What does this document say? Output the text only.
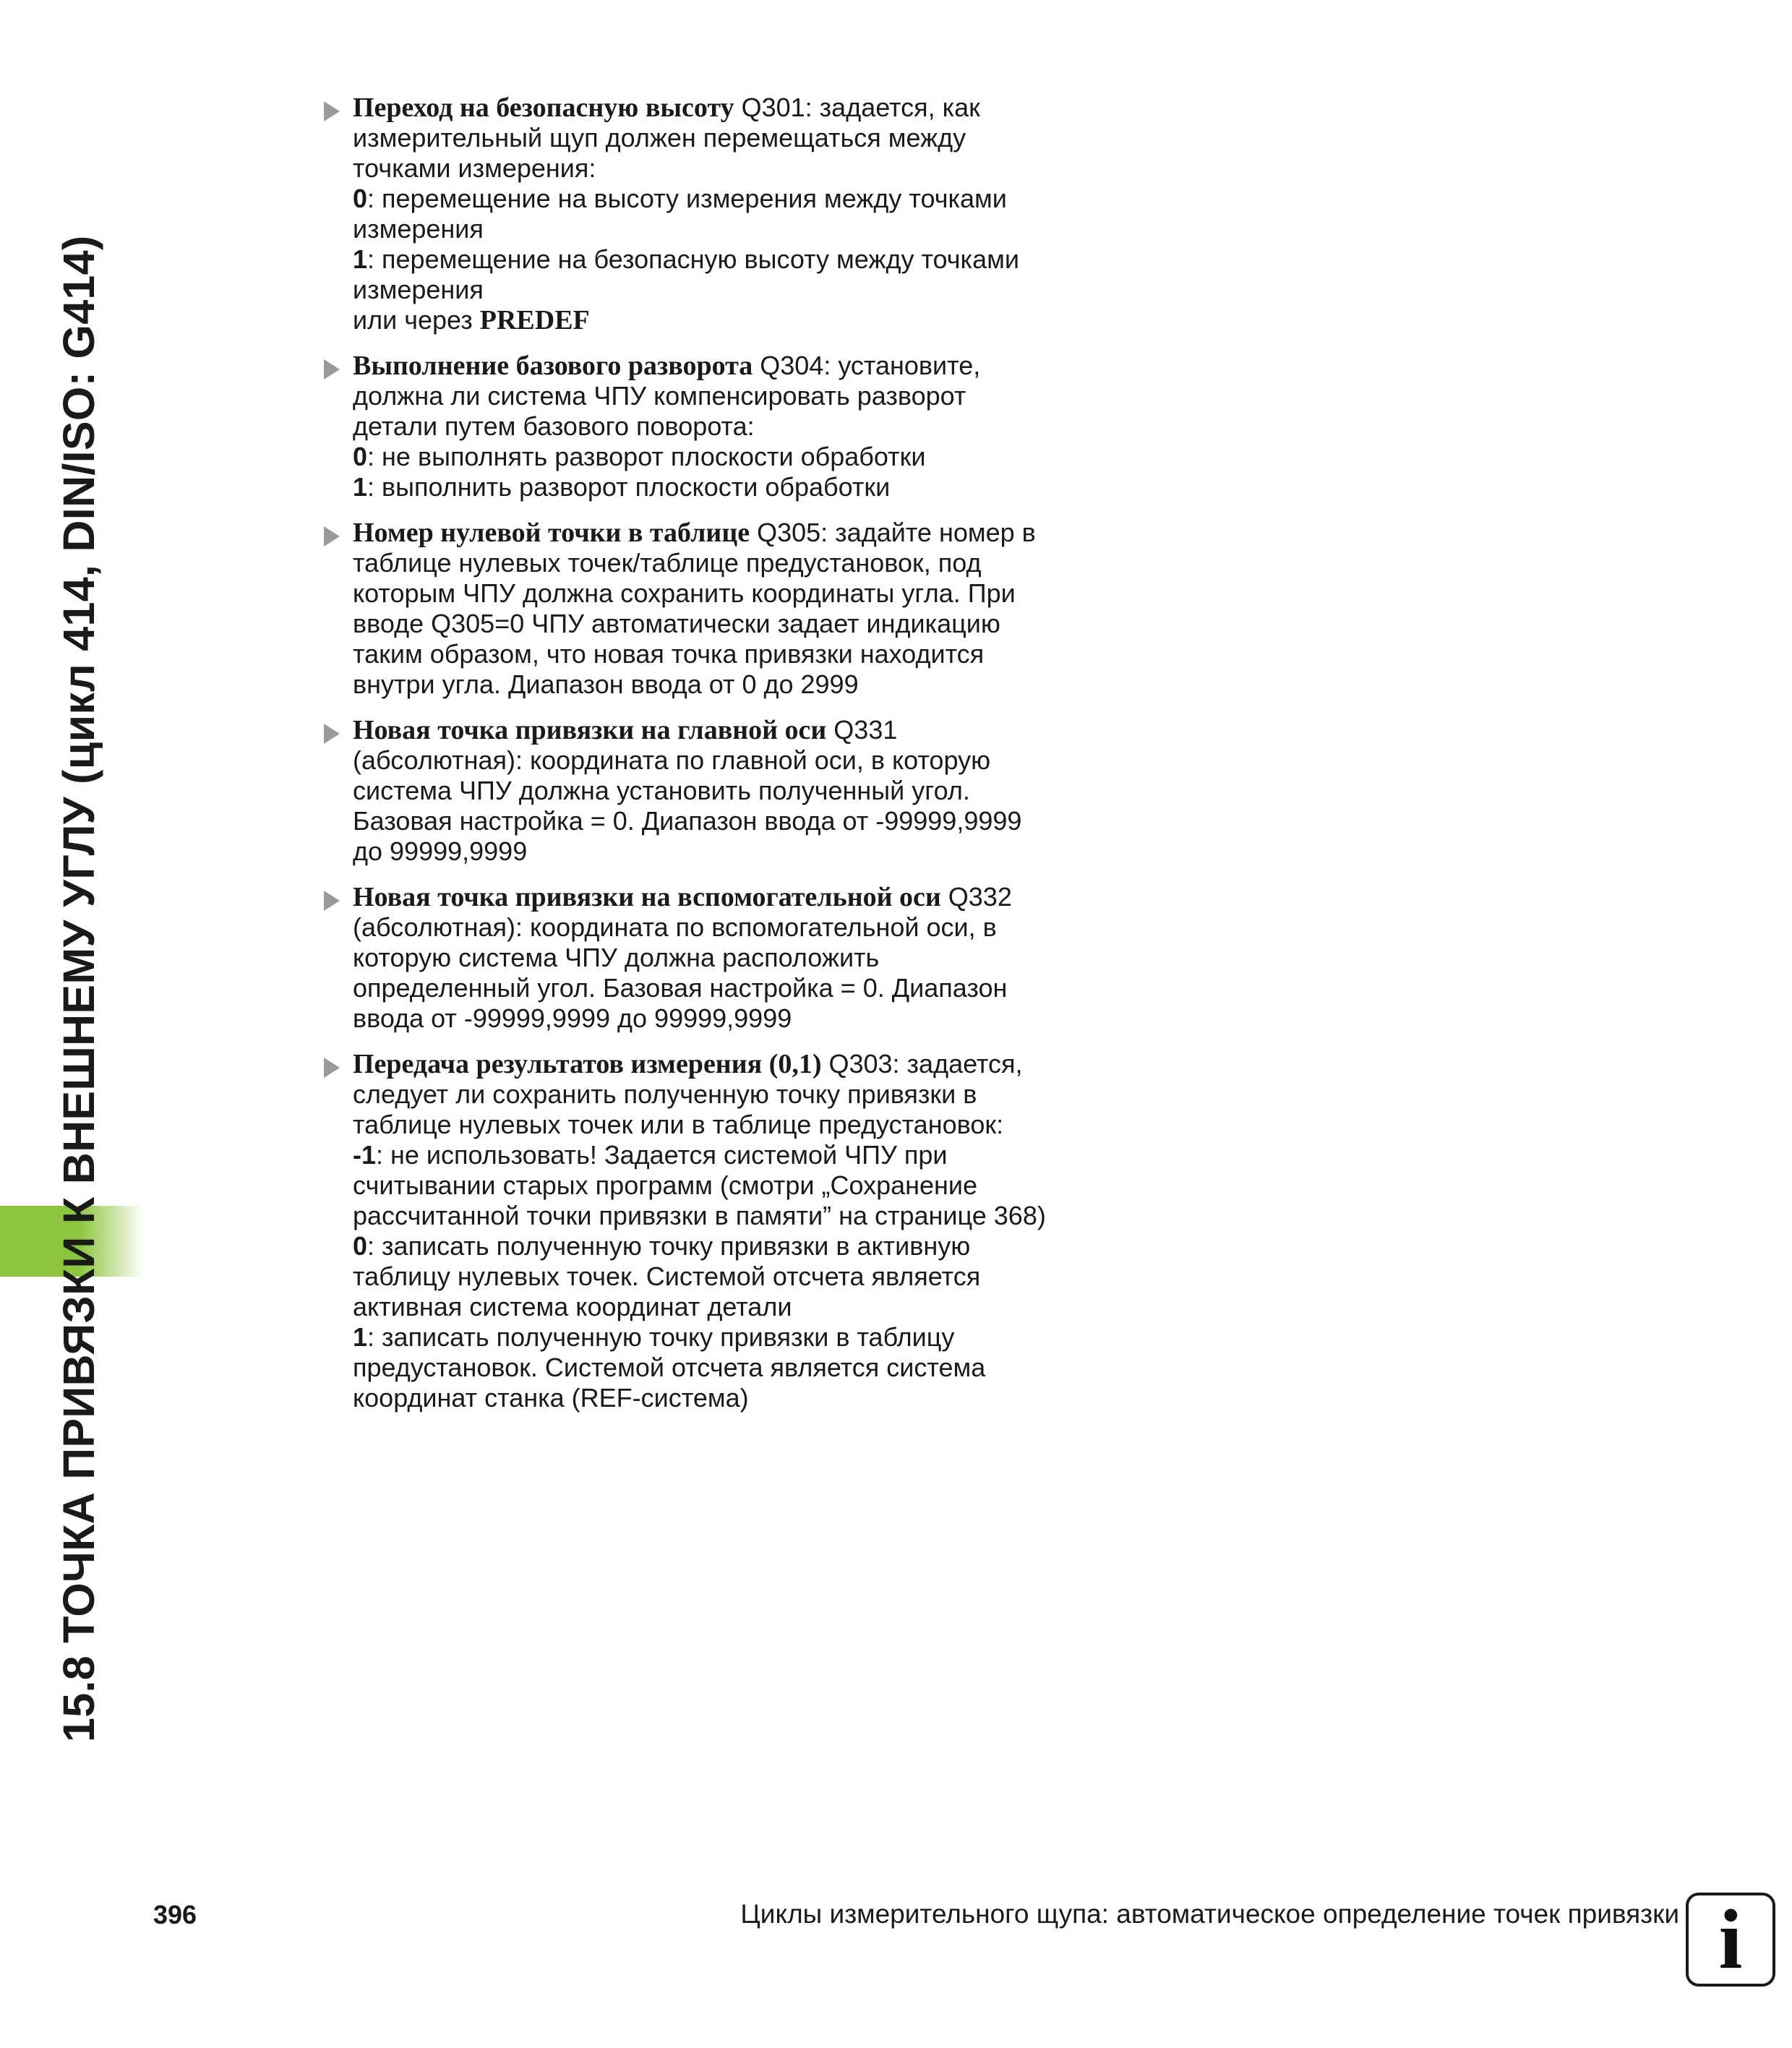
15.8 ТОЧКА ПРИВЯЗКИ К ВНЕШНЕМУ УГЛУ (цикл 414, DIN/ISO: G414)

Переход на безопасную высоту Q301: задается, как измерительный щуп должен перемещаться между точками измерения:

0: перемещение на высоту измерения между точками измерения

1: перемещение на безопасную высоту между точками измерения

или через PREDEF

Выполнение базового разворота Q304: установите, должна ли система ЧПУ компенсировать разворот детали путем базового поворота:

0: не выполнять разворот плоскости обработки

1: выполнить разворот плоскости обработки

Номер нулевой точки в таблице Q305: задайте номер в таблице нулевых точек/таблице предустановок, под которым ЧПУ должна сохранить координаты угла. При вводе Q305=0 ЧПУ автоматически задает индикацию таким образом, что новая точка привязки находится внутри угла. Диапазон ввода от 0 до 2999

Новая точка привязки на главной оси Q331 (абсолютная): координата по главной оси, в которую система ЧПУ должна установить полученный угол. Базовая настройка = 0. Диапазон ввода от -99999,9999 до 99999,9999

Новая точка привязки на вспомогательной оси Q332 (абсолютная): координата по вспомогательной оси, в которую система ЧПУ должна расположить определенный угол. Базовая настройка = 0. Диапазон ввода от -99999,9999 до 99999,9999

Передача результатов измерения (0,1) Q303: задается, следует ли сохранить полученную точку привязки в таблице нулевых точек или в таблице предустановок:

-1: не использовать! Задается системой ЧПУ при считывании старых программ (смотри „Сохранение рассчитанной точки привязки в памяти” на странице 368)

0: записать полученную точку привязки в активную таблицу нулевых точек. Системой отсчета является активная система координат детали

1: записать полученную точку привязки в таблицу предустановок. Системой отсчета является система координат станка (REF-система)

396	Циклы измерительного щупа: автоматическое определение точек привязки i
